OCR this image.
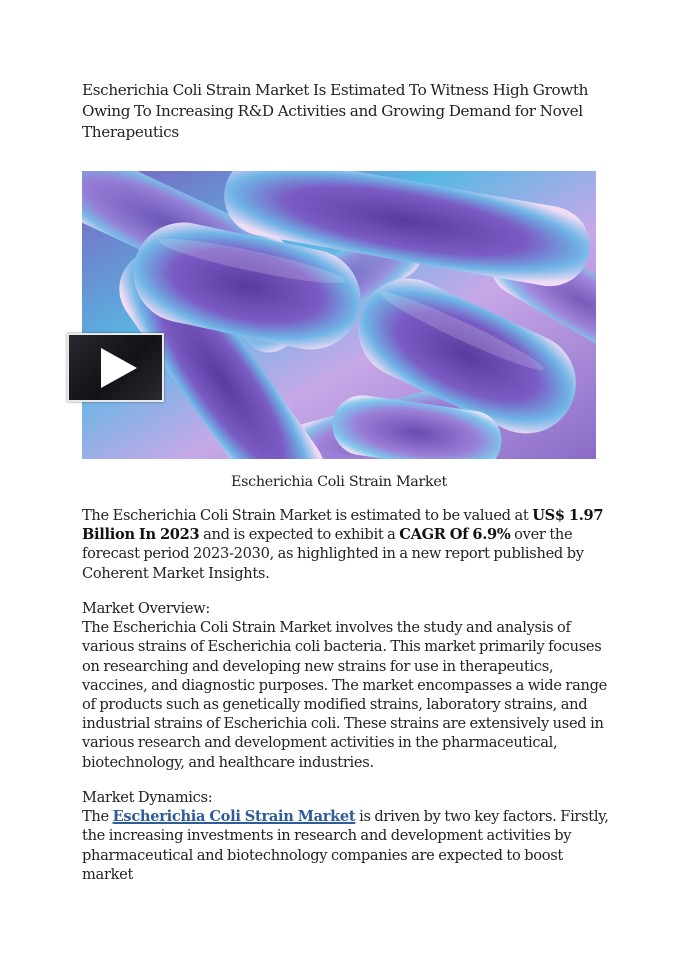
Escherichia Coli Strain Market Is Estimated To Witness High Growth Owing To Increasing R&D Activities and Growing Demand for Novel Therapeutics
Escherichia Coli Strain Market
The Escherichia Coli Strain Market is estimated to be valued at US$ 1.97 Billion In 2023 and is expected to exhibit a CAGR Of 6.9% over the forecast period 2023-2030, as highlighted in a new report published by Coherent Market Insights.
Market Overview:
The Escherichia Coli Strain Market involves the study and analysis of various strains of Escherichia coli bacteria. This market primarily focuses on researching and developing new strains for use in therapeutics, vaccines, and diagnostic purposes. The market encompasses a wide range of products such as genetically modified strains, laboratory strains, and industrial strains of Escherichia coli. These strains are extensively used in various research and development activities in the pharmaceutical, biotechnology, and healthcare industries.
Market Dynamics:
The Escherichia Coli Strain Market is driven by two key factors. Firstly, the increasing investments in research and development activities by pharmaceutical and biotechnology companies are expected to boost market
